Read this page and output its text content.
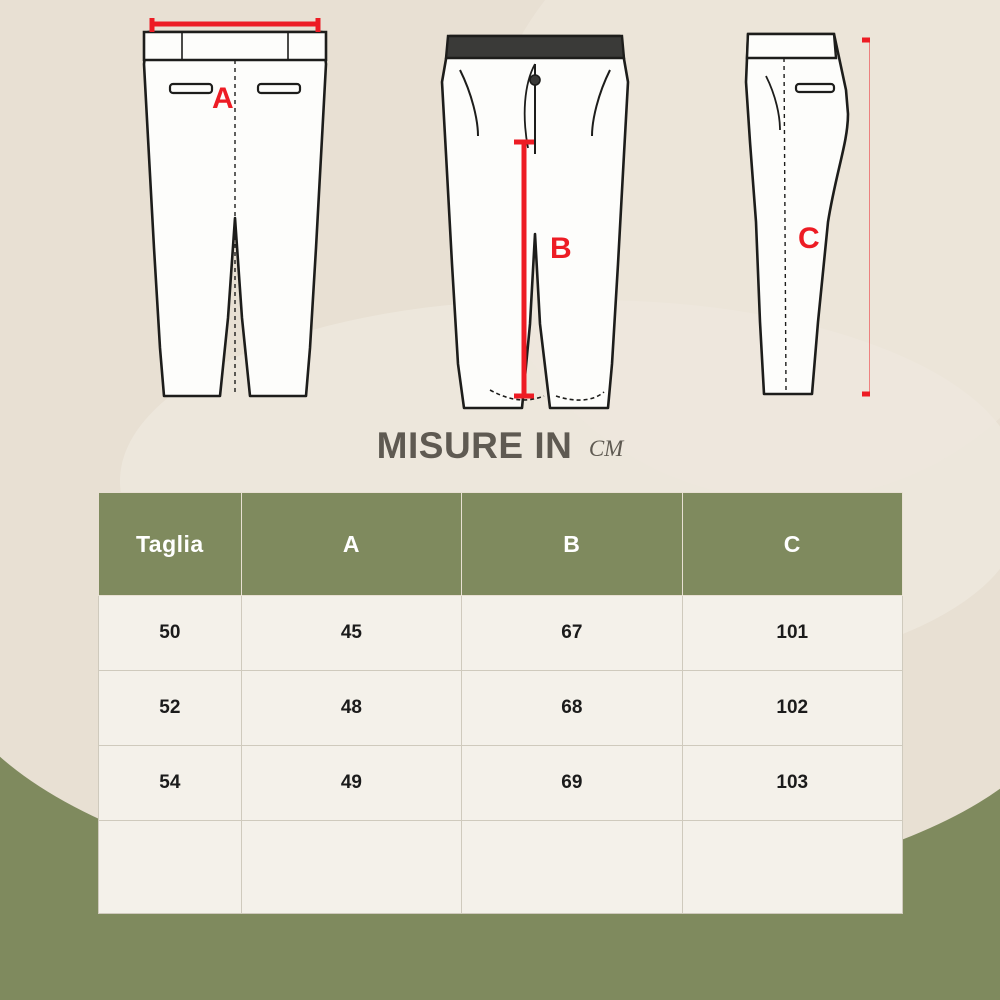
A
B	C
MISURE IN cm
Taglia	A	B	C
50	45	67	101
52	48	68	102
54	49	69	103
